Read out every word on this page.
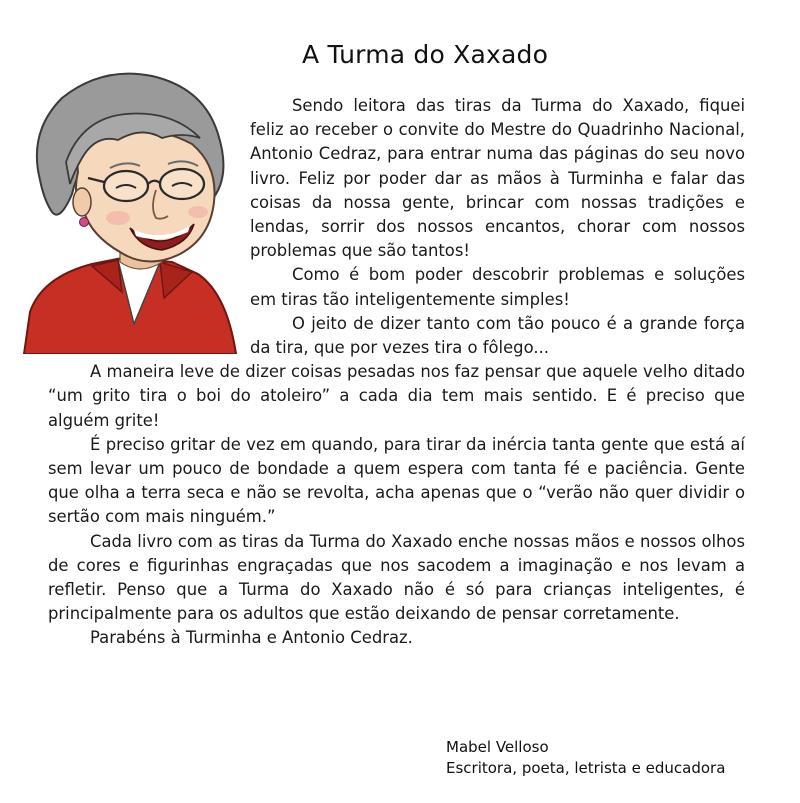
A Turma do Xaxado

Sendo leitora das tiras da Turma do Xaxado, fiquei feliz ao receber o convite do Mestre do Quadrinho Nacional, Antonio Cedraz, para entrar numa das páginas do seu novo livro. Feliz por poder dar as mãos à Turminha e falar das coisas da nossa gente, brincar com nossas tradições e lendas, sorrir dos nossos encantos, chorar com nossos problemas que são tantos!

Como é bom poder descobrir problemas e soluções em tiras tão inteligentemente simples!

O jeito de dizer tanto com tão pouco é a grande força da tira, que por vezes tira o fôlego...

A maneira leve de dizer coisas pesadas nos faz pensar que aquele velho ditado “um grito tira o boi do atoleiro” a cada dia tem mais sentido. E é preciso que alguém grite!

É preciso gritar de vez em quando, para tirar da inércia tanta gente que está aí sem levar um pouco de bondade a quem espera com tanta fé e paciência. Gente que olha a terra seca e não se revolta, acha apenas que o “verão não quer dividir o sertão com mais ninguém.”

Cada livro com as tiras da Turma do Xaxado enche nossas mãos e nossos olhos de cores e figurinhas engraçadas que nos sacodem a imaginação e nos levam a refletir. Penso que a Turma do Xaxado não é só para crianças inteligentes, é principalmente para os adultos que estão deixando de pensar corretamente.

Parabéns à Turminha e Antonio Cedraz.

Mabel Velloso
Escritora, poeta, letrista e educadora
